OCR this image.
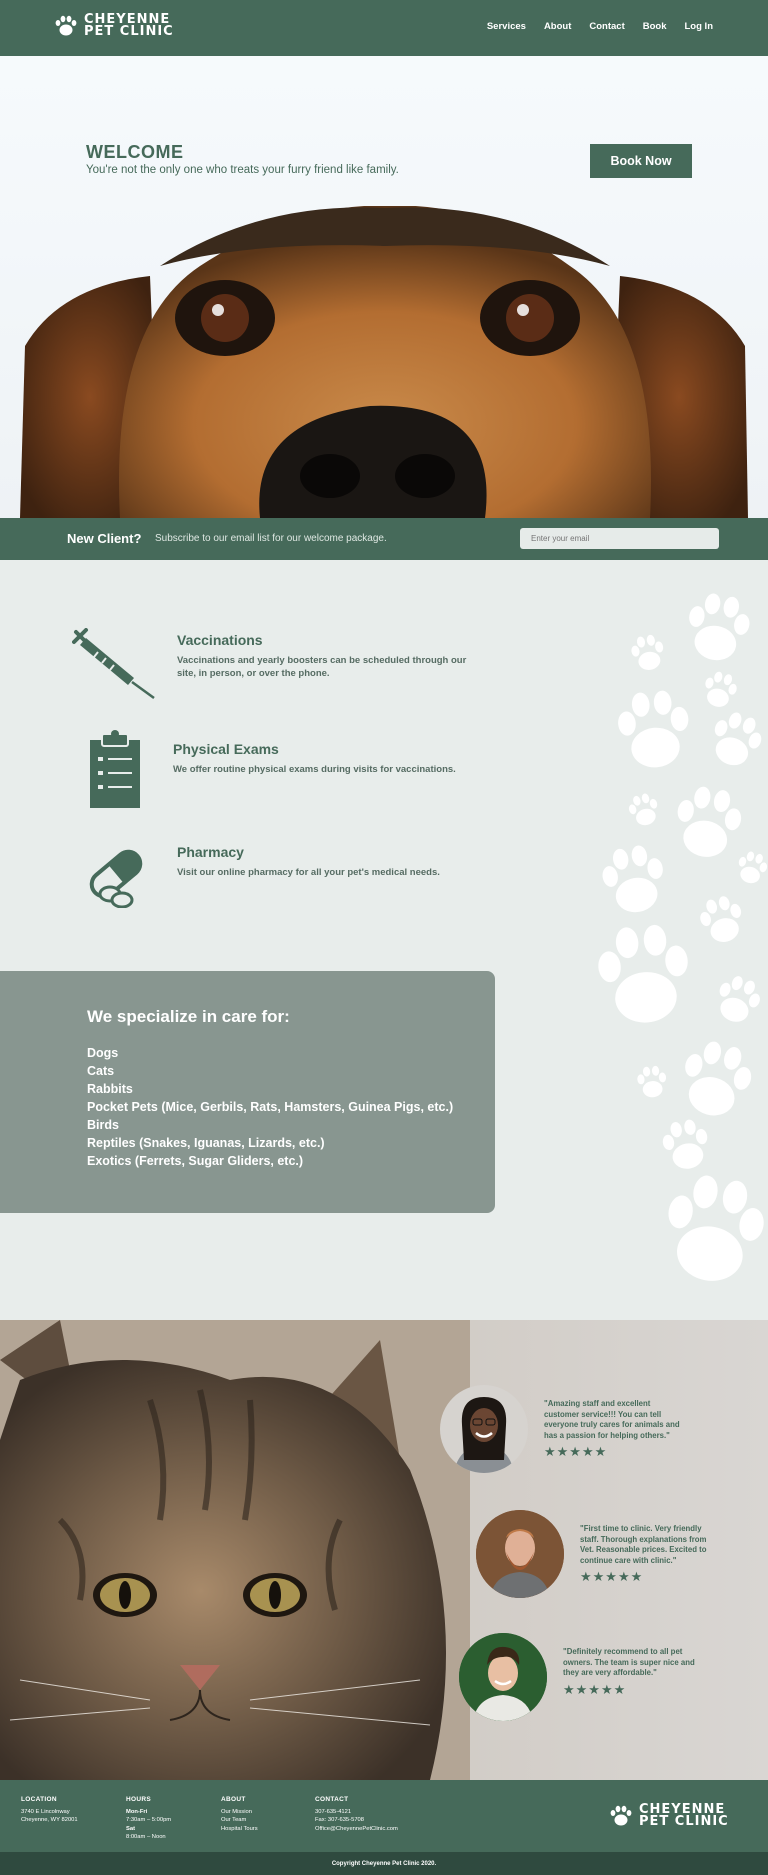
CHEYENNE
PET CLINIC	Services About Contact Book Log In
WELCOME
You're not the only one who treats your furry friend like family.
Book Now
New Client? Subscribe to our email list for our welcome package.
Enter your email
Vaccinations
Vaccinations and yearly boosters can be scheduled through our site, in person, or over the phone.
Physical Exams
We offer routine physical exams during visits for vaccinations.
Pharmacy
Visit our online pharmacy for all your pet's medical needs.
We specialize in care for:
Dogs
Cats
Rabbits
Pocket Pets (Mice, Gerbils, Rats, Hamsters, Guinea Pigs, etc.)
Birds
Reptiles (Snakes, Iguanas, Lizards, etc.)
Exotics (Ferrets, Sugar Gliders, etc.)
"Amazing staff and excellent customer service!!! You can tell everyone truly cares for animals and has a passion for helping others."
★★★★★
"First time to clinic. Very friendly staff. Thorough explanations from Vet. Reasonable prices. Excited to continue care with clinic."
★★★★★
"Definitely recommend to all pet owners. The team is super nice and they are very affordable."
★★★★★
LOCATION
3740 E Lincolnway
Cheyenne, WY 82001
HOURS
Mon-Fri
7:30am – 5:00pm
Sat
8:00am – Noon
ABOUT
Our Mission
Our Team
Hospital Tours
CONTACT
307-635-4121
Fax: 307-635-5708
Office@CheyennePetClinic.com
CHEYENNE
PET CLINIC
Copyright Cheyenne Pet Clinic 2020.
